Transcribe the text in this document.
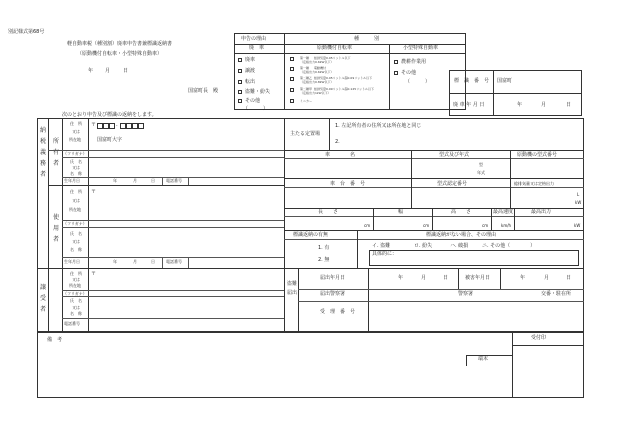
別記様式第68号
軽自動車税（種別割）廃車申告書兼標識返納書
（原動機付自転車・小型特殊自動車）
年 月	日
国富町長　殿
次のとおり申告及び標識の返納をします。
申告の理由
廃　車
種　　　別
原動機付自転車	小型特殊自動車
廃車
譲渡
転出
盗難・紛失
その他
（　　　）
第一種 総排気量0.05リットル以下
（定格出力0.6kW以下）
第一種 電動機付
（定格出力0.6kW以下）
第二種乙 総排気量0.05リットル超0.09リットル以下
（定格出力0.8kW以下）
第二種甲 総排気量0.09リットル超0.125リットル以下
（定格出力1kW以下）
ミニカー
農耕作業用
その他
（　　　）	標　識　番　号 国富町
廃 車 年 月 日	年	月	日
納税義務者
所有者
使用者
住　所
又は
所在地
〒	-
国富町大字
（フリガナ）
氏　名
又は
名　称
生年月日	年	月	日	電話番号
住　所
又は
所在地
〒
（フリガナ）
氏　名
又は
名　称
生年月日	年	月	日	電話番号
譲受者
住　所
又は
所在地
〒
（フリガナ）
氏　名
又は
名　称
電話番号
主たる定置場
1. 左記所有者の住所又は所在地と同じ
2.
車　　　　名	型式及び年式	原動機の型式番号
型
年式
車　台　番　号	型式認定番号	総排気量又は定格出力
L
kW
長　　さ	幅	高　　さ	最高速度	最高出力
cm	cm	cm	km/h	kW
標識返納の有無	標識返納がない場合、その理由
1. 有
2. 無
イ. 盗難	ロ. 紛失	ハ. 破損	ニ. その他（　　　　）
具体的に：
盗難届出
届出年月日	年	月	日	被害年月日	年	月	日
届出警察署	警察署	交番・駐在所
受　理　番　号
備　考	受付印
端末
